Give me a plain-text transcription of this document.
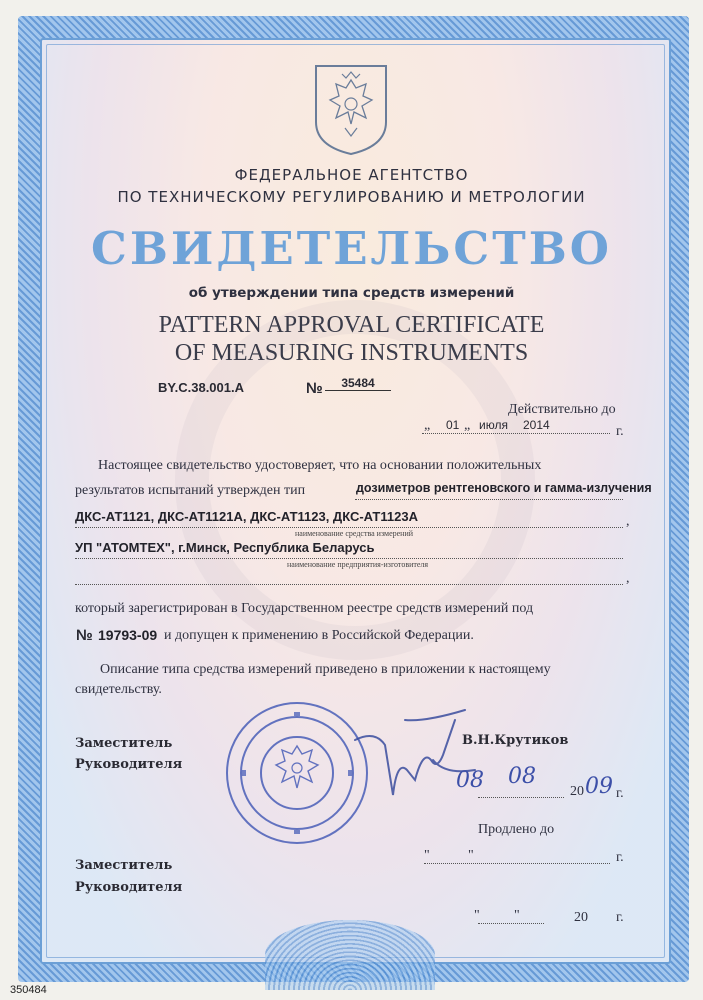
ФЕДЕРАЛЬНОЕ АГЕНТСТВО
ПО ТЕХНИЧЕСКОМУ РЕГУЛИРОВАНИЮ И МЕТРОЛОГИИ
СВИДЕТЕЛЬСТВО
об утверждении типа средств измерений
PATTERN APPROVAL CERTIFICATE
OF MEASURING INSTRUMENTS
BY.C.38.001.A	№	35484
Действительно до
„ 01 „ июля 2014	г.
Настоящее свидетельство удостоверяет, что на основании положительных
результатов испытаний утвержден тип	дозиметров рентгеновского и гамма-излучения
ДКС-АТ1121, ДКС-АТ1121А, ДКС-АТ1123, ДКС-АТ1123А	,
наименование средства измерений
УП "АТОМТЕХ", г.Минск, Республика Беларусь
наименование предприятия-изготовителя
,
который зарегистрирован в Государственном реестре средств измерений под
№ 19793-09 и допущен к применению в Российской Федерации.
Описание типа средства измерений приведено в приложении к настоящему
свидетельству.
Заместитель
Руководителя
В.Н.Крутиков
08 08
20 09 г.
Продлено до
"	"	г.
Заместитель
Руководителя
" "	20 г.
350484
